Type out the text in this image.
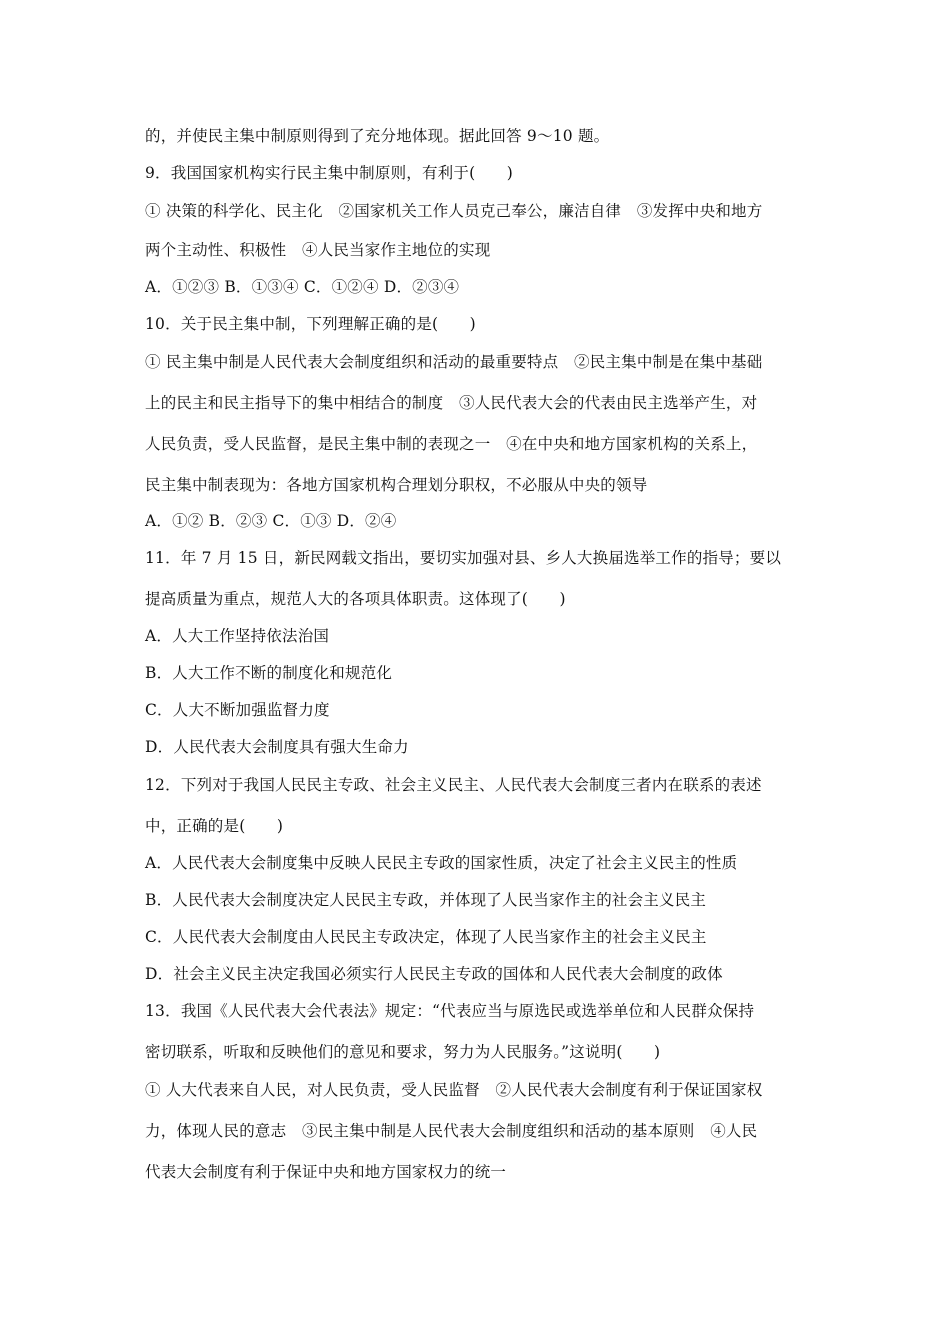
的，并使民主集中制原则得到了充分地体现。据此回答 9～10 题。
9．我国国家机构实行民主集中制原则，有利于(　　)
① 决策的科学化、民主化　②国家机关工作人员克己奉公，廉洁自律　③发挥中央和地方
两个主动性、积极性　④人民当家作主地位的实现
A．①②③ B．①③④ C．①②④ D．②③④
10．关于民主集中制，下列理解正确的是(　　)
① 民主集中制是人民代表大会制度组织和活动的最重要特点　②民主集中制是在集中基础
上的民主和民主指导下的集中相结合的制度　③人民代表大会的代表由民主选举产生，对
人民负责，受人民监督，是民主集中制的表现之一　④在中央和地方国家机构的关系上，
民主集中制表现为：各地方国家机构合理划分职权，不必服从中央的领导
A．①② B．②③ C．①③ D．②④
11．年 7 月 15 日，新民网载文指出，要切实加强对县、乡人大换届选举工作的指导；要以
提高质量为重点，规范人大的各项具体职责。这体现了(　　)
A．人大工作坚持依法治国
B．人大工作不断的制度化和规范化
C．人大不断加强监督力度
D．人民代表大会制度具有强大生命力
12．下列对于我国人民民主专政、社会主义民主、人民代表大会制度三者内在联系的表述
中，正确的是(　　)
A．人民代表大会制度集中反映人民民主专政的国家性质，决定了社会主义民主的性质
B．人民代表大会制度决定人民民主专政，并体现了人民当家作主的社会主义民主
C．人民代表大会制度由人民民主专政决定，体现了人民当家作主的社会主义民主
D．社会主义民主决定我国必须实行人民民主专政的国体和人民代表大会制度的政体
13．我国《人民代表大会代表法》规定：“代表应当与原选民或选举单位和人民群众保持
密切联系，听取和反映他们的意见和要求，努力为人民服务。”这说明(　　)
① 人大代表来自人民，对人民负责，受人民监督　②人民代表大会制度有利于保证国家权
力，体现人民的意志　③民主集中制是人民代表大会制度组织和活动的基本原则　④人民
代表大会制度有利于保证中央和地方国家权力的统一
